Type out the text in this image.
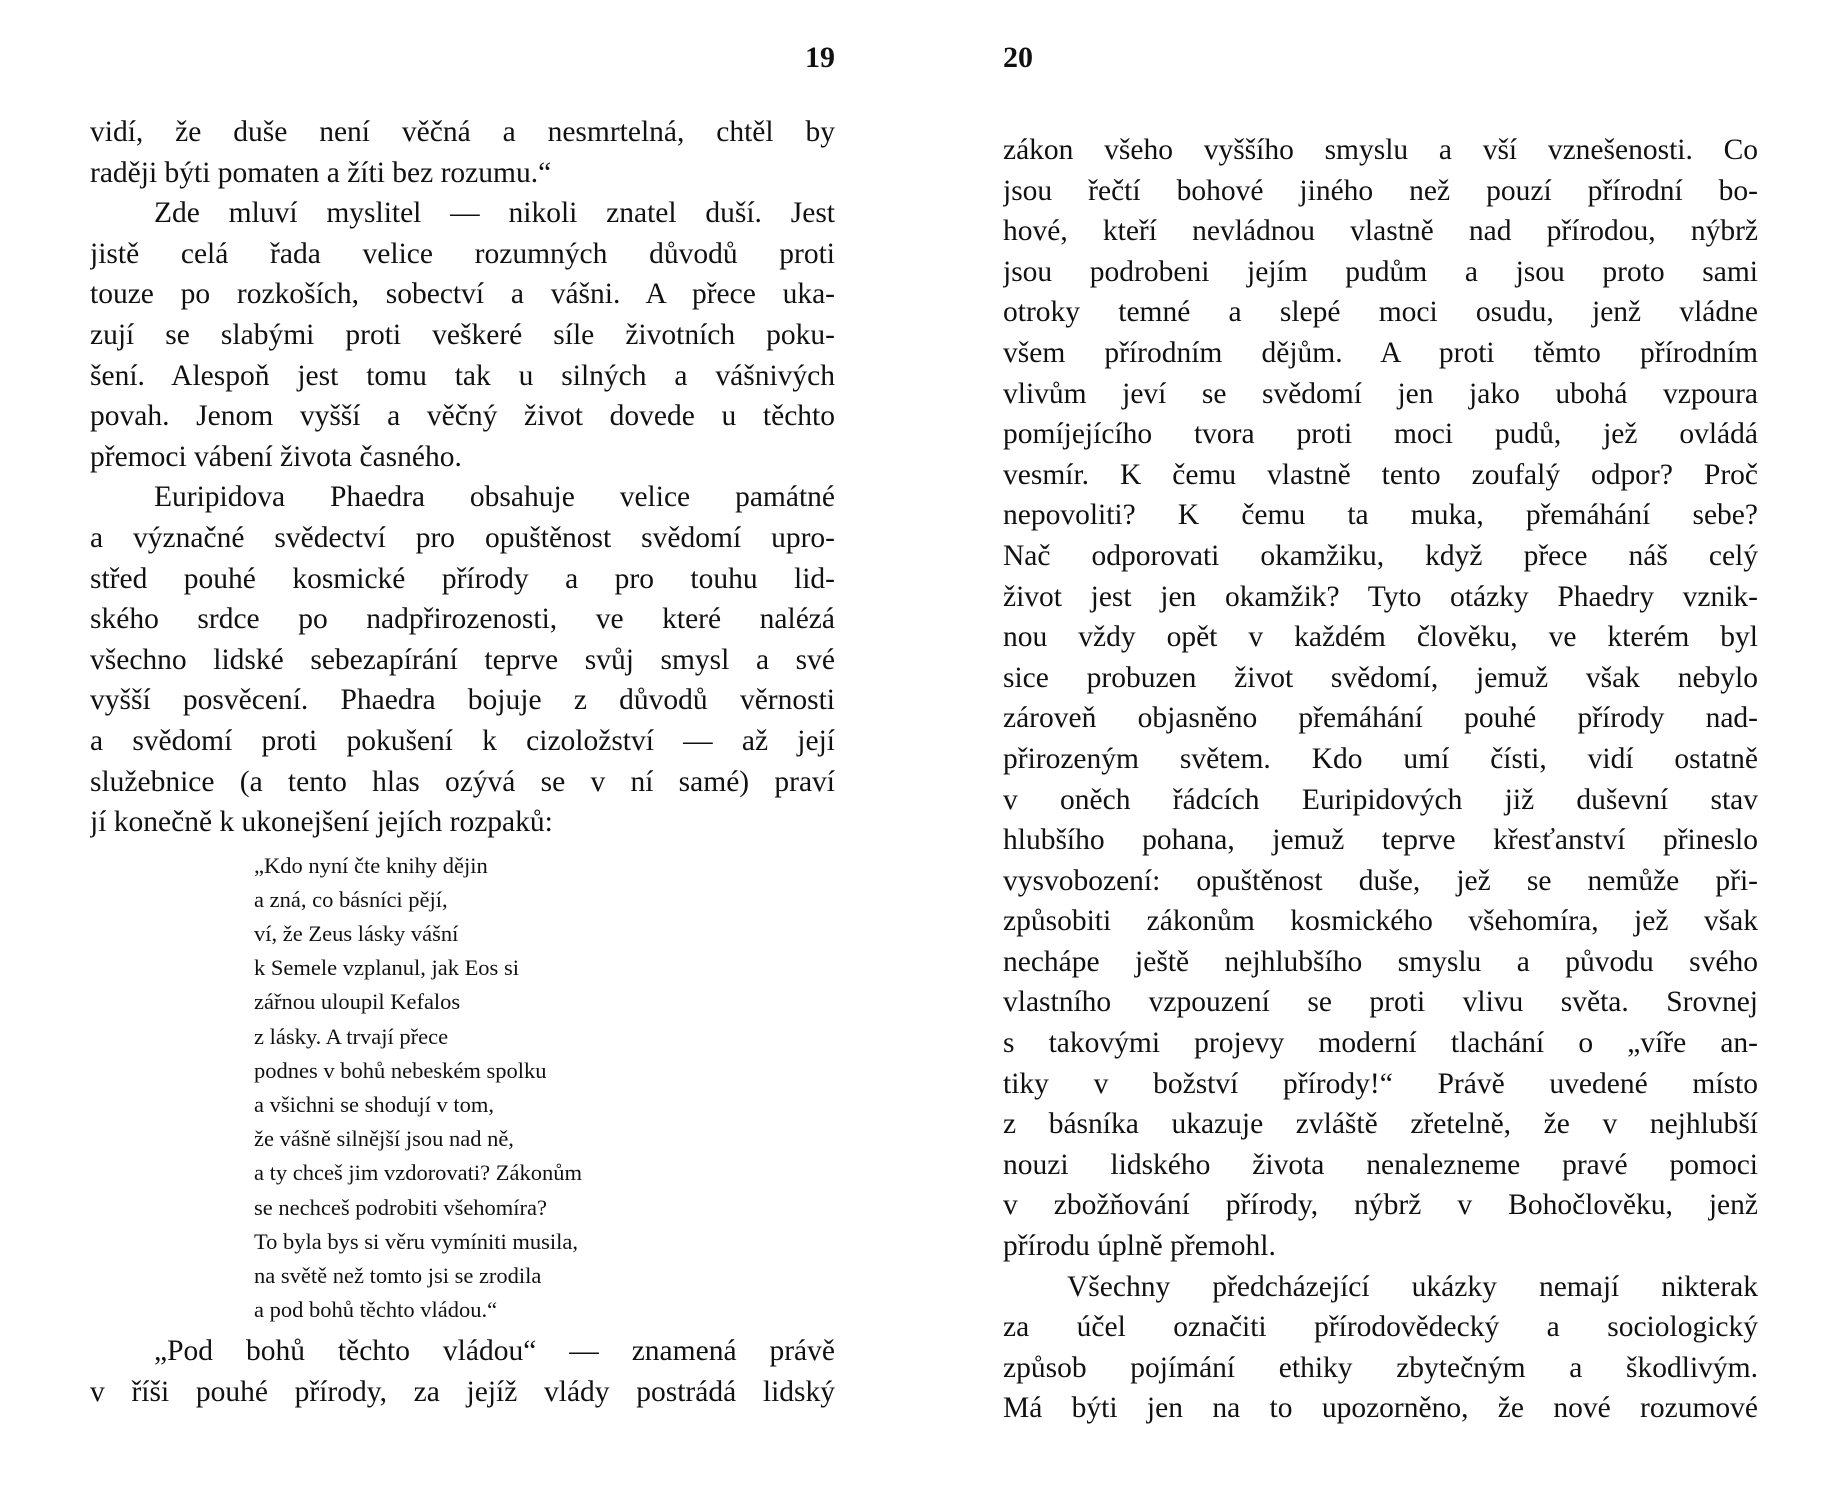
19
vidí, že duše není věčná a nesmrtelná, chtěl by
raději býti pomaten a žíti bez rozumu.“
Zde mluví myslitel — nikoli znatel duší. Jest
jistě celá řada velice rozumných důvodů proti
touze po rozkoších, sobectví a vášni. A přece uka-
zují se slabými proti veškeré síle životních poku-
šení. Alespoň jest tomu tak u silných a vášnivých
povah. Jenom vyšší a věčný život dovede u těchto
přemoci vábení života časného.
Euripidova Phaedra obsahuje velice památné
a význačné svědectví pro opuštěnost svědomí upro-
střed pouhé kosmické přírody a pro touhu lid-
ského srdce po nadpřirozenosti, ve které nalézá
všechno lidské sebezapírání teprve svůj smysl a své
vyšší posvěcení. Phaedra bojuje z důvodů věrnosti
a svědomí proti pokušení k cizoložství — až její
služebnice (a tento hlas ozývá se v ní samé) praví
jí konečně k ukonejšení jejích rozpaků:
„Kdo nyní čte knihy dějin
a zná, co básníci pějí,
ví, že Zeus lásky vášní
k Semele vzplanul, jak Eos si
zářnou uloupil Kefalos
z lásky. A trvají přece
podnes v bohů nebeském spolku
a všichni se shodují v tom,
že vášně silnější jsou nad ně,
a ty chceš jim vzdorovati? Zákonům
se nechceš podrobiti všehomíra?
To byla bys si věru vymíniti musila,
na světě než tomto jsi se zrodila
a pod bohů těchto vládou.“
„Pod bohů těchto vládou“ — znamená právě
v říši pouhé přírody, za jejíž vlády postrádá lidský
20
zákon všeho vyššího smyslu a vší vznešenosti. Co
jsou řečtí bohové jiného než pouzí přírodní bo-
hové, kteří nevládnou vlastně nad přírodou, nýbrž
jsou podrobeni jejím pudům a jsou proto sami
otroky temné a slepé moci osudu, jenž vládne
všem přírodním dějům. A proti těmto přírodním
vlivům jeví se svědomí jen jako ubohá vzpoura
pomíjejícího tvora proti moci pudů, jež ovládá
vesmír. K čemu vlastně tento zoufalý odpor? Proč
nepovoliti? K čemu ta muka, přemáhání sebe?
Nač odporovati okamžiku, když přece náš celý
život jest jen okamžik? Tyto otázky Phaedry vznik-
nou vždy opět v každém člověku, ve kterém byl
sice probuzen život svědomí, jemuž však nebylo
zároveň objasněno přemáhání pouhé přírody nad-
přirozeným světem. Kdo umí čísti, vidí ostatně
v oněch řádcích Euripidových již duševní stav
hlubšího pohana, jemuž teprve křesťanství přineslo
vysvobození: opuštěnost duše, jež se nemůže při-
způsobiti zákonům kosmického všehomíra, jež však
nechápe ještě nejhlubšího smyslu a původu svého
vlastního vzpouzení se proti vlivu světa. Srovnej
s takovými projevy moderní tlachání o „víře an-
tiky v božství přírody!“ Právě uvedené místo
z básníka ukazuje zvláště zřetelně, že v nejhlubší
nouzi lidského života nenalezneme pravé pomoci
v zbožňování přírody, nýbrž v Bohočlověku, jenž
přírodu úplně přemohl.
Všechny předcházející ukázky nemají nikterak
za účel označiti přírodovědecký a sociologický
způsob pojímání ethiky zbytečným a škodlivým.
Má býti jen na to upozorněno, že nové rozumové
